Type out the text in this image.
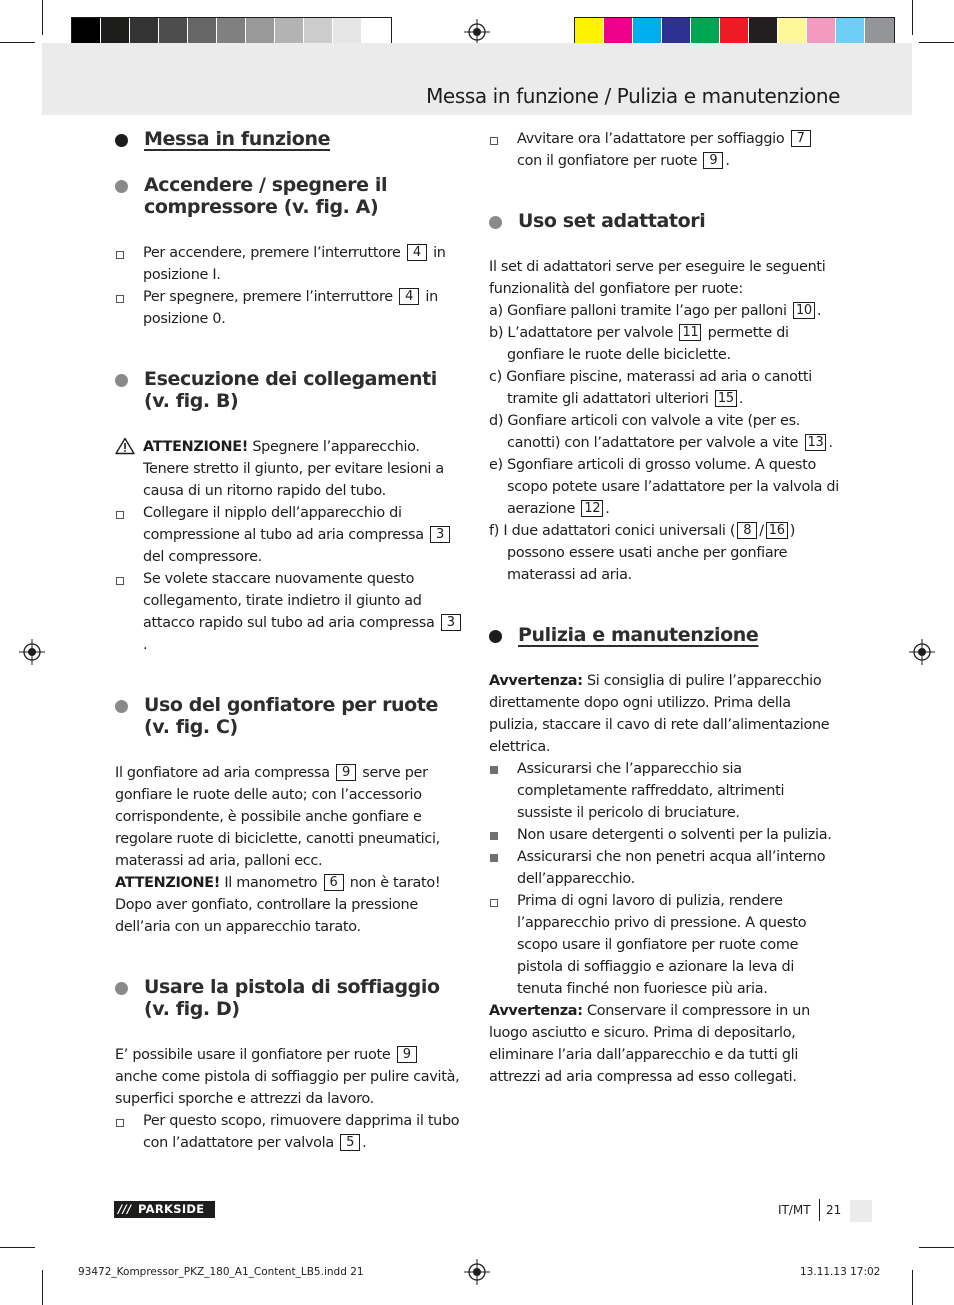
Messa in funzione / Pulizia e manutenzione
Messa in funzione
Accendere / spegnere il compressore (v. fig. A)
Per accendere, premere l’interruttore 4 in posizione I.
Per spegnere, premere l’interruttore 4 in posizione 0.
Esecuzione dei collegamenti (v. fig. B)
ATTENZIONE! Spegnere l’apparecchio. Tenere stretto il giunto, per evitare lesioni a causa di un ritorno rapido del tubo.
Collegare il nipplo dell’apparecchio di compressione al tubo ad aria compressa 3 del compressore.
Se volete staccare nuovamente questo collegamento, tirate indietro il giunto ad attacco rapido sul tubo ad aria compressa 3.
Uso del gonfiatore per ruote (v. fig. C)

Il gonfiatore ad aria compressa 9 serve per gonfiare le ruote delle auto; con l’accessorio corrispondente, è possibile anche gonfiare e regolare ruote di biciclette, canotti pneumatici, materassi ad aria, palloni ecc.

ATTENZIONE! Il manometro 6 non è tarato! Dopo aver gonfiato, controllare la pressione dell’aria con un apparecchio tarato.

Usare la pistola di soffiaggio (v. fig. D)

E’ possibile usare il gonfiatore per ruote 9 anche come pistola di soffiaggio per pulire cavità, superfici sporche e attrezzi da lavoro.

Per questo scopo, rimuovere dapprima il tubo con l’adattatore per valvola 5 .
Avvitare ora l’adattatore per soffiaggio 7 con il gonfiatore per ruote 9 .
Uso set adattatori

Il set di adattatori serve per eseguire le seguenti funzionalità del gonfiatore per ruote:

a) Gonfiare palloni tramite l’ago per palloni 10 .

b) L’adattatore per valvole 11 permette di gonfiare le ruote delle biciclette.

c) Gonfiare piscine, materassi ad aria o canotti tramite gli adattatori ulteriori 15 .

d) Gonfiare articoli con valvole a vite (per es. canotti) con l’adattatore per valvole a vite 13 .

e) Sgonfiare articoli di grosso volume. A questo scopo potete usare l’adattatore per la valvola di aerazione 12 .

f) I due adattatori conici universali ( 8 / 16 ) possono essere usati anche per gonfiare materassi ad aria.

Pulizia e manutenzione

Avvertenza: Si consiglia di pulire l’apparecchio direttamente dopo ogni utilizzo. Prima della pulizia, staccare il cavo di rete dall’alimentazione elettrica.

Assicurarsi che l’apparecchio sia completamente raffreddato, altrimenti sussiste il pericolo di bruciature.
Non usare detergenti o solventi per la pulizia.
Assicurarsi che non penetri acqua all’interno dell’apparecchio.
Prima di ogni lavoro di pulizia, rendere l’apparecchio privo di pressione. A questo scopo usare il gonfiatore per ruote come pistola di soffiaggio e azionare la leva di tenuta finché non fuoriesce più aria.

Avvertenza: Conservare il compressore in un luogo asciutto e sicuro. Prima di depositarlo, eliminare l’aria dall’apparecchio e da tutti gli attrezzi ad aria compressa ad esso collegati.

/// PARKSIDE	IT/MT 21
93472_Kompressor_PKZ_180_A1_Content_LB5.indd 21	13.11.13 17:02
